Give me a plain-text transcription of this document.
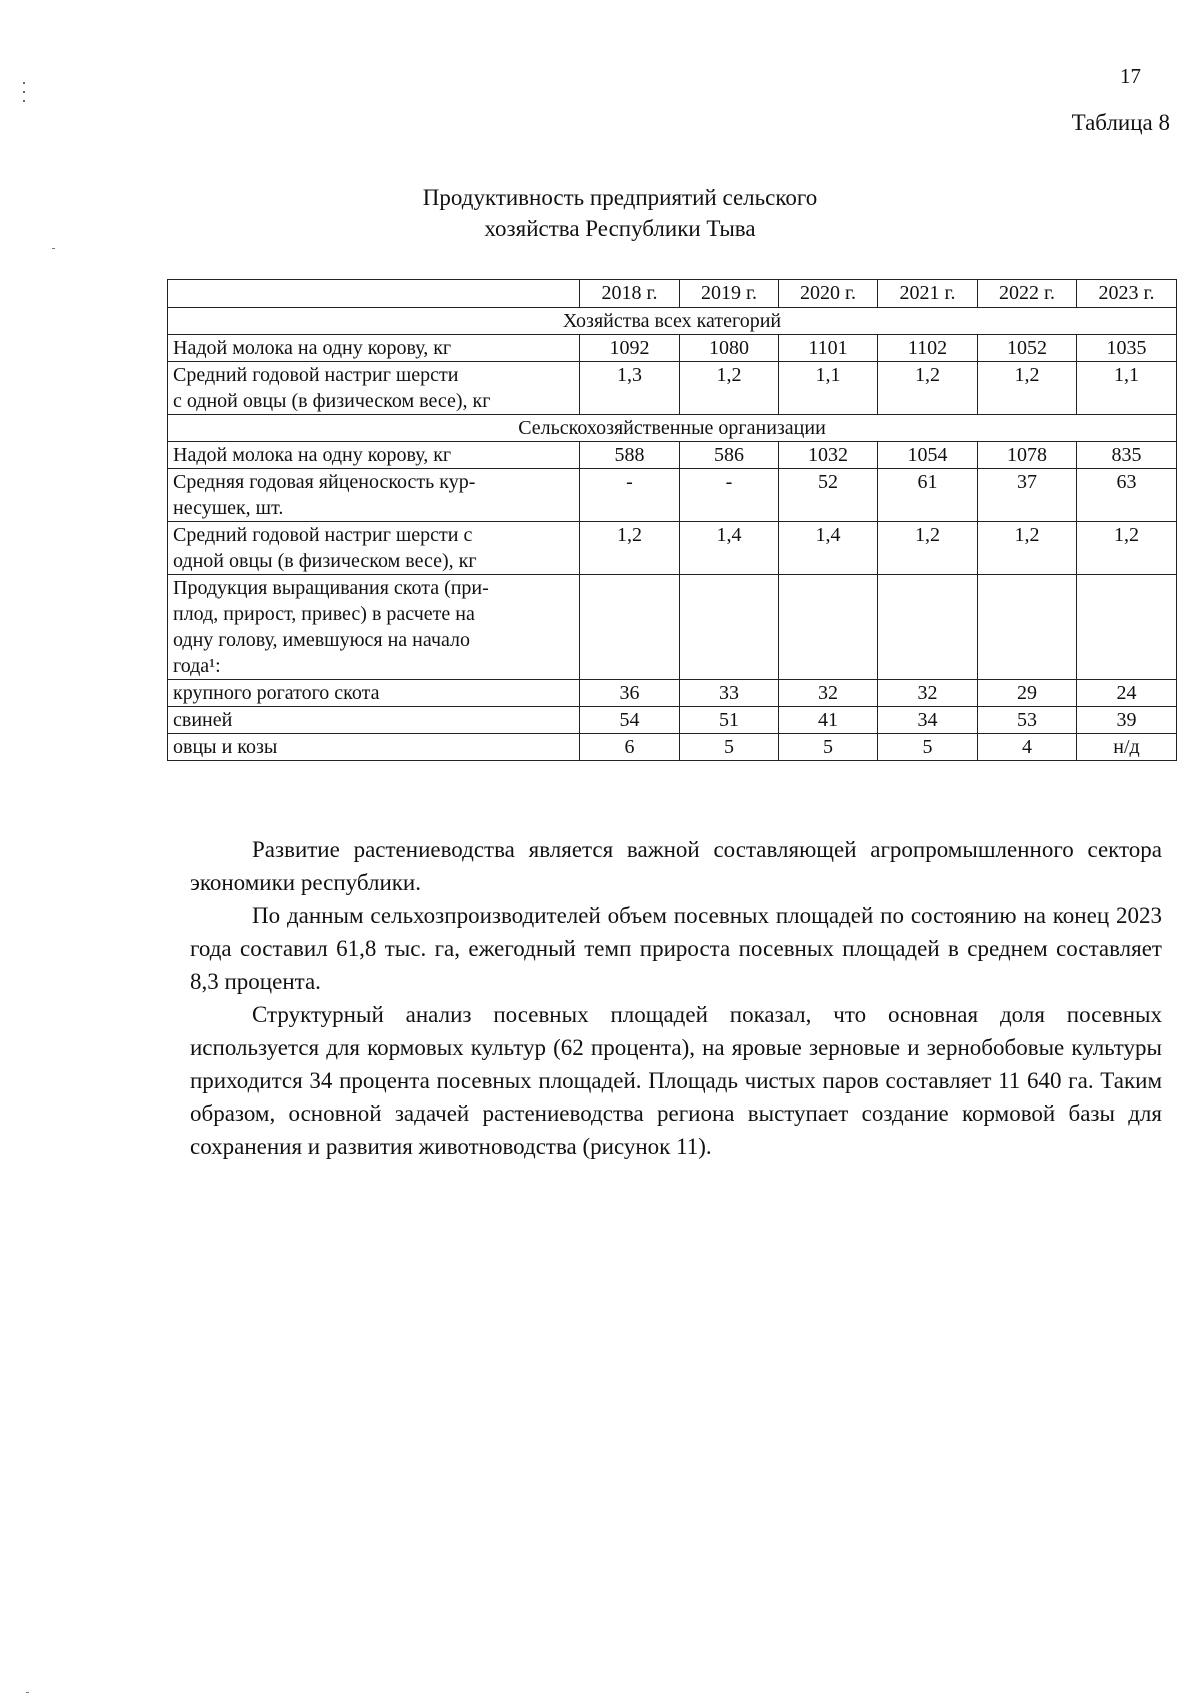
17
Таблица 8
Продуктивность предприятий сельского
хозяйства Республики Тыва
	2018 г.	2019 г.	2020 г.	2021 г.	2022 г.	2023 г.
Хозяйства всех категорий						

Надой молока на одну корову, кг	1092	1080	1101	1102	1052	1035

Средний годовой настриг шерсти
с одной овцы (в физическом весе), кг	1,3	1,2	1,1	1,2	1,2	1,1
Сельскохозяйственные организации						

Надой молока на одну корову, кг	588	586	1032	1054	1078	835

Средняя годовая яйценоскость кур-
несушек, шт.	-	-	52	61	37	63

Средний годовой настриг шерсти с
одной овцы (в физическом весе), кг	1,2	1,4	1,4	1,2	1,2	1,2

Продукция выращивания скота (при-
плод, прирост, привес) в расчете на
одну голову, имевшуюся на начало
года¹:						

крупного рогатого скота	36	33	32	32	29	24

свиней	54	51	41	34	53	39

овцы и козы	6	5	5	5	4	н/д

Развитие растениеводства является важной составляющей агропромышленного сектора экономики республики.

По данным сельхозпроизводителей объем посевных площадей по состоянию на конец 2023 года составил 61,8 тыс. га, ежегодный темп прироста посевных площадей в среднем составляет 8,3 процента.

Структурный анализ посевных площадей показал, что основная доля посевных используется для кормовых культур (62 процента), на яровые зерновые и зернобобовые культуры приходится 34 процента посевных площадей. Площадь чистых паров составляет 11 640 га. Таким образом, основной задачей растениеводства региона выступает создание кормовой базы для сохранения и развития животноводства (рисунок 11).
